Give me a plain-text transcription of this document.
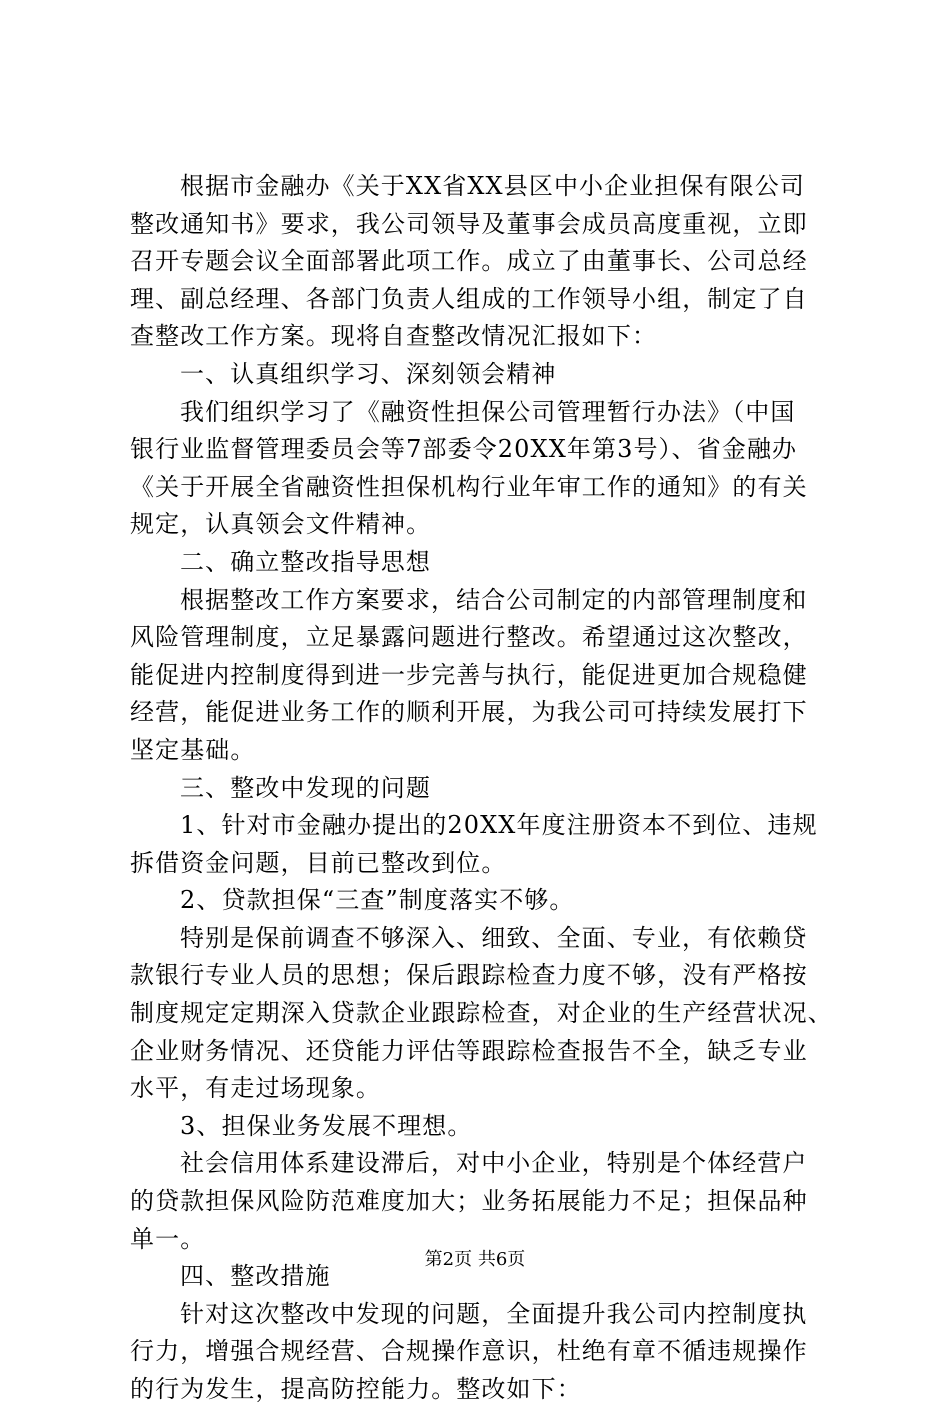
根据市金融办《关于XX省XX县区中小企业担保有限公司
整改通知书》要求，我公司领导及董事会成员高度重视，立即
召开专题会议全面部署此项工作。成立了由董事长、公司总经
理、副总经理、各部门负责人组成的工作领导小组，制定了自
查整改工作方案。现将自查整改情况汇报如下：
一、认真组织学习、深刻领会精神
我们组织学习了《融资性担保公司管理暂行办法》（中国
银行业监督管理委员会等7部委令20XX年第3号）、省金融办
《关于开展全省融资性担保机构行业年审工作的通知》的有关
规定，认真领会文件精神。
二、确立整改指导思想
根据整改工作方案要求，结合公司制定的内部管理制度和
风险管理制度，立足暴露问题进行整改。希望通过这次整改，
能促进内控制度得到进一步完善与执行，能促进更加合规稳健
经营，能促进业务工作的顺利开展，为我公司可持续发展打下
坚定基础。
三、整改中发现的问题
1、针对市金融办提出的20XX年度注册资本不到位、违规
拆借资金问题，目前已整改到位。
2、贷款担保“三查”制度落实不够。
特别是保前调查不够深入、细致、全面、专业，有依赖贷
款银行专业人员的思想；保后跟踪检查力度不够，没有严格按
制度规定定期深入贷款企业跟踪检查，对企业的生产经营状况、
企业财务情况、还贷能力评估等跟踪检查报告不全，缺乏专业
水平，有走过场现象。
3、担保业务发展不理想。
社会信用体系建设滞后，对中小企业，特别是个体经营户
的贷款担保风险防范难度加大；业务拓展能力不足；担保品种
单一。
四、整改措施
针对这次整改中发现的问题，全面提升我公司内控制度执
行力，增强合规经营、合规操作意识，杜绝有章不循违规操作
的行为发生，提高防控能力。整改如下：
第2页 共6页
